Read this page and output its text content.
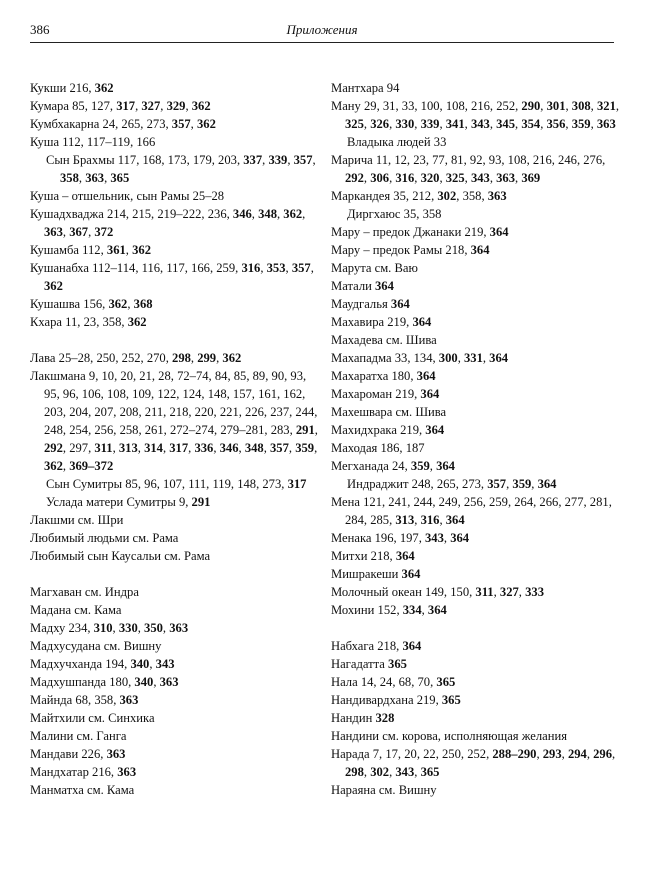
386	Приложения
Кукши 216, 362
Кумара 85, 127, 317, 327, 329, 362
Кумбхакарна 24, 265, 273, 357, 362
Куша 112, 117–119, 166
Сын Брахмы 117, 168, 173, 179, 203, 337, 339, 357, 358, 363, 365
Куша – отшельник, сын Рамы 25–28
Кушадхваджа 214, 215, 219–222, 236, 346, 348, 362, 363, 367, 372
Кушамба 112, 361, 362
Кушанабха 112–114, 116, 117, 166, 259, 316, 353, 357, 362
Кушашва 156, 362, 368
Кхара 11, 23, 358, 362
Лава 25–28, 250, 252, 270, 298, 299, 362
Лакшмана 9, 10, 20, 21, 28, 72–74, 84, 85, 89, 90, 93, 95, 96, 106, 108, 109, 122, 124, 148, 157, 161, 162, 203, 204, 207, 208, 211, 218, 220, 221, 226, 237, 244, 248, 254, 256, 258, 261, 272–274, 279–281, 283, 291, 292, 297, 311, 313, 314, 317, 336, 346, 348, 357, 359, 362, 369–372
Сын Сумитры 85, 96, 107, 111, 119, 148, 273, 317
Услада матери Сумитры 9, 291
Лакшми см. Шри
Любимый людьми см. Рама
Любимый сын Каусальи см. Рама
Магхаван см. Индра
Мадана см. Кама
Мадху 234, 310, 330, 350, 363
Мадхусудана см. Вишну
Мадхучханда 194, 340, 343
Мадхушпанда 180, 340, 363
Майнда 68, 358, 363
Майтхили см. Синхика
Малини см. Ганга
Мандави 226, 363
Мандхатар 216, 363
Манматха см. Кама
Мантхара 94
Ману 29, 31, 33, 100, 108, 216, 252, 290, 301, 308, 321, 325, 326, 330, 339, 341, 343, 345, 354, 356, 359, 363
Владыка людей 33
Марича 11, 12, 23, 77, 81, 92, 93, 108, 216, 246, 276, 292, 306, 316, 320, 325, 343, 363, 369
Маркандея 35, 212, 302, 358, 363
Диргхаюс 35, 358
Мару – предок Джанаки 219, 364
Мару – предок Рамы 218, 364
Марута см. Ваю
Матали 364
Маудгалья 364
Махавира 219, 364
Махадева см. Шива
Махападма 33, 134, 300, 331, 364
Махаратха 180, 364
Махароман 219, 364
Махешвара см. Шива
Махидхрака 219, 364
Маходая 186, 187
Мегханада 24, 359, 364
Индраджит 248, 265, 273, 357, 359, 364
Мена 121, 241, 244, 249, 256, 259, 264, 266, 277, 281, 284, 285, 313, 316, 364
Менака 196, 197, 343, 364
Митхи 218, 364
Мишракеши 364
Молочный океан 149, 150, 311, 327, 333
Мохини 152, 334, 364
Набхага 218, 364
Нагадатта 365
Нала 14, 24, 68, 70, 365
Нандивардхана 219, 365
Нандин 328
Нандини см. корова, исполняющая желания
Нарада 7, 17, 20, 22, 250, 252, 288–290, 293, 294, 296, 298, 302, 343, 365
Нараяна см. Вишну
